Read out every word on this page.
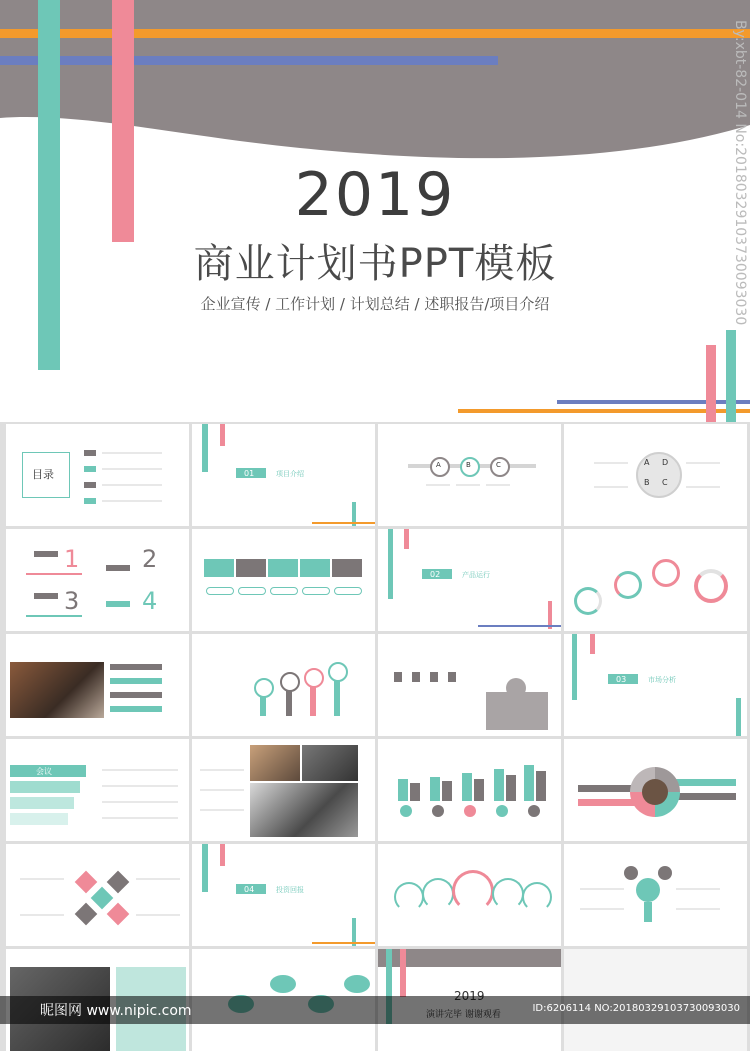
2019
商业计划书PPT模板
企业宣传 / 工作计划 / 计划总结 / 述职报告/项目介绍	By:xbt-82-014 No:20180329103730093030
目录	01	项目介绍
A	B	C	A D
B C
1	2
3	4
02	产品运行
03	市场分析
会议
04	投资回报
昵图网 www.nipic.com	ID:6206114 NO:20180329103730093030
